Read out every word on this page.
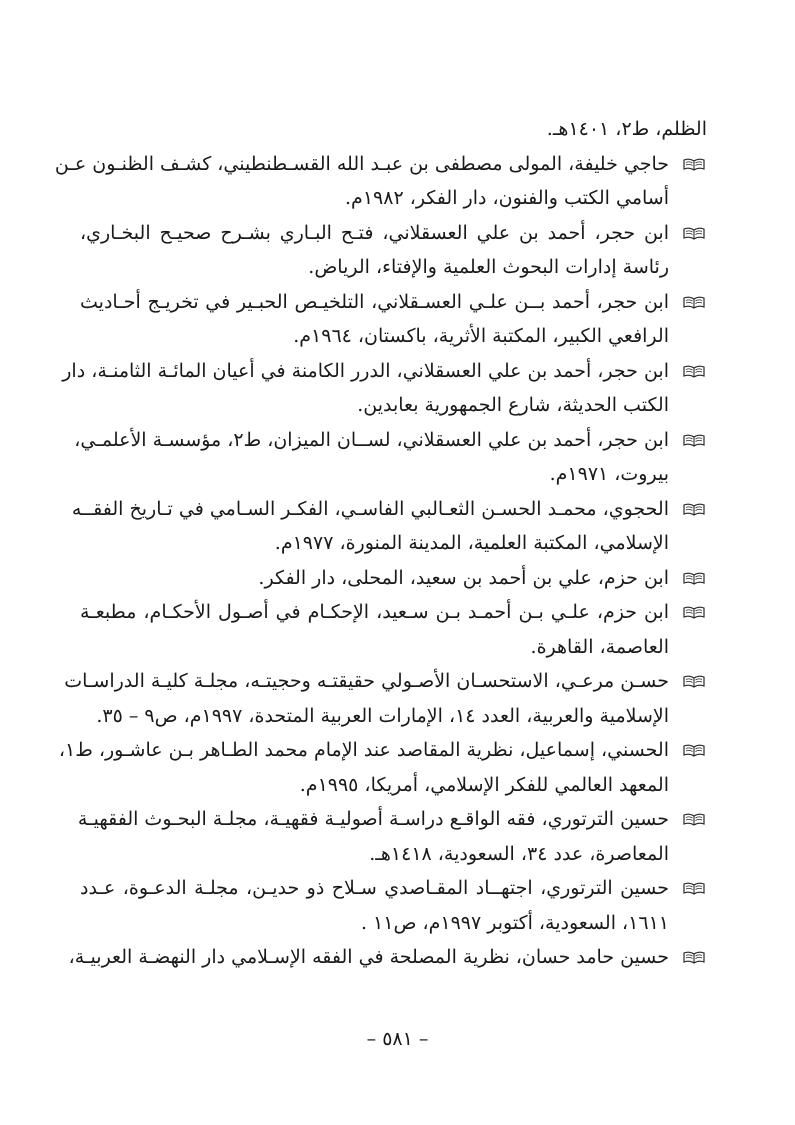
الظلم، ط٢، ١٤٠١هـ.
حاجي خليفة، المولى مصطفى بن عبـد الله القسـطنطيني، كشـف الظنـون عـن
أسامي الكتب والفنون، دار الفكر، ١٩٨٢م.
ابن حجر، أحمد بن علي العسقلاني، فتـح البـاري بشـرح صحيـح البخـاري،
رئاسة إدارات البحوث العلمية والإفتاء، الرياض.
ابن حجر، أحمد بــن علـي العسـقلاني، التلخيـص الحبـير في تخريـج أحـاديث
الرافعي الكبير، المكتبة الأثرية، باكستان، ١٩٦٤م.
ابن حجر، أحمد بن علي العسقلاني، الدرر الكامنة في أعيان المائـة الثامنـة، دار
الكتب الحديثة، شارع الجمهورية بعابدين.
ابن حجر، أحمد بن علي العسقلاني، لســان الميزان، ط٢، مؤسسـة الأعلمـي،
بيروت، ١٩٧١م.
الحجوي، محمـد الحسـن الثعـالبي الفاسـي، الفكـر السـامي في تـاريخ الفقــه
الإسلامي، المكتبة العلمية، المدينة المنورة، ١٩٧٧م.
ابن حزم، علي بن أحمد بن سعيد، المحلى، دار الفكر.
ابن حزم، علـي بـن أحمـد بـن سـعيد، الإحكـام في أصـول الأحكـام، مطبعـة
العاصمة، القاهرة.
حسـن مرعـي، الاستحسـان الأصـولي حقيقتـه وحجيتـه، مجلـة كليـة الدراسـات
الإسلامية والعربية، العدد ١٤، الإمارات العربية المتحدة، ١٩٩٧م، ص٩ – ٣٥.
الحسني، إسماعيل، نظرية المقاصد عند الإمام محمد الطـاهر بـن عاشـور، ط١،
المعهد العالمي للفكر الإسلامي، أمريكا، ١٩٩٥م.
حسين الترتوري، فقه الواقـع دراسـة أصوليـة فقهيـة، مجلـة البحـوث الفقهيـة
المعاصرة، عدد ٣٤، السعودية، ١٤١٨هـ.
حسين الترتوري، اجتهــاد المقـاصدي سـلاح ذو حديـن، مجلـة الدعـوة، عـدد
١٦١١، السعودية، أكتوبر ١٩٩٧م، ص١١ .
حسين حامد حسان، نظرية المصلحة في الفقه الإسـلامي دار النهضـة العربيـة،
– ٥٨١ –
